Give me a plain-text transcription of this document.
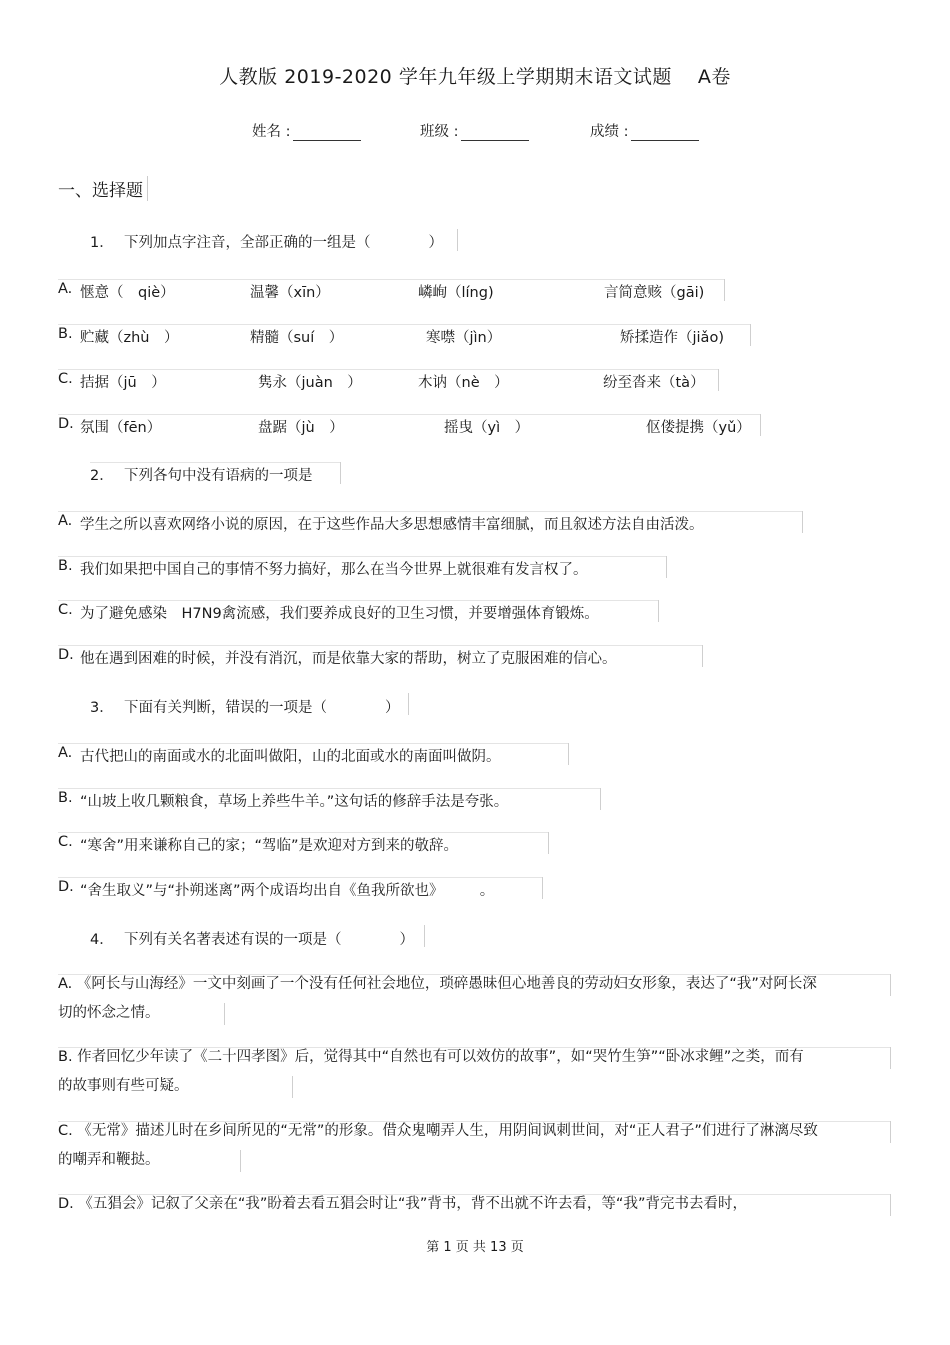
人教版 2019-2020 学年九年级上学期期末语文试题 A卷
姓名 :	班级 :	成绩 :
一、选择题
1． 下列加点字注音，全部正确的一组是（　　　　）
A. 惬意（　qiè）	温馨（xīn）	嶙峋（líng)	言简意赅（gāi)
B. 贮藏（zhù　）	精髓（suí　）	寒噤（jìn）	矫揉造作（jiǎo)
C. 拮据（jū　）	隽永（juàn　）	木讷（nè　）	纷至沓来（tà）
D. 氛围（fēn）	盘踞（jù　）	摇曳（yì　）	伛偻提携（yǔ）
2． 下列各句中没有语病的一项是
A. 学生之所以喜欢网络小说的原因，在于这些作品大多思想感情丰富细腻，而且叙述方法自由活泼。
B. 我们如果把中国自己的事情不努力搞好，那么在当今世界上就很难有发言权了。
C. 为了避免感染　H7N9禽流感，我们要养成良好的卫生习惯，并要增强体育锻炼。
D. 他在遇到困难的时候，并没有消沉，而是依靠大家的帮助，树立了克服困难的信心。
3． 下面有关判断，错误的一项是（　　　　）
A. 古代把山的南面或水的北面叫做阳，山的北面或水的南面叫做阴。
B. “山坡上收几颗粮食，草场上养些牛羊。”这句话的修辞手法是夸张。
C. “寒舍”用来谦称自己的家；“驾临”是欢迎对方到来的敬辞。
D. “舍生取义”与“扑朔迷离”两个成语均出自《鱼我所欲也》　　　。
4． 下列有关名著表述有误的一项是（　　　　）
A. 《阿长与山海经》一文中刻画了一个没有任何社会地位，琐碎愚昧但心地善良的劳动妇女形象，表达了“我”对阿长深切的怀念之情。
B. 作者回忆少年读了《二十四孝图》后，觉得其中“自然也有可以效仿的故事”，如“哭竹生笋”“卧冰求鲤”之类，而有的故事则有些可疑。
C. 《无常》描述儿时在乡间所见的“无常”的形象。借众鬼嘲弄人生，用阴间讽刺世间，对“正人君子”们进行了淋漓尽致的嘲弄和鞭挞。
D. 《五猖会》记叙了父亲在“我”盼着去看五猖会时让“我”背书，背不出就不许去看，等“我”背完书去看时，
第 1 页 共 13 页
